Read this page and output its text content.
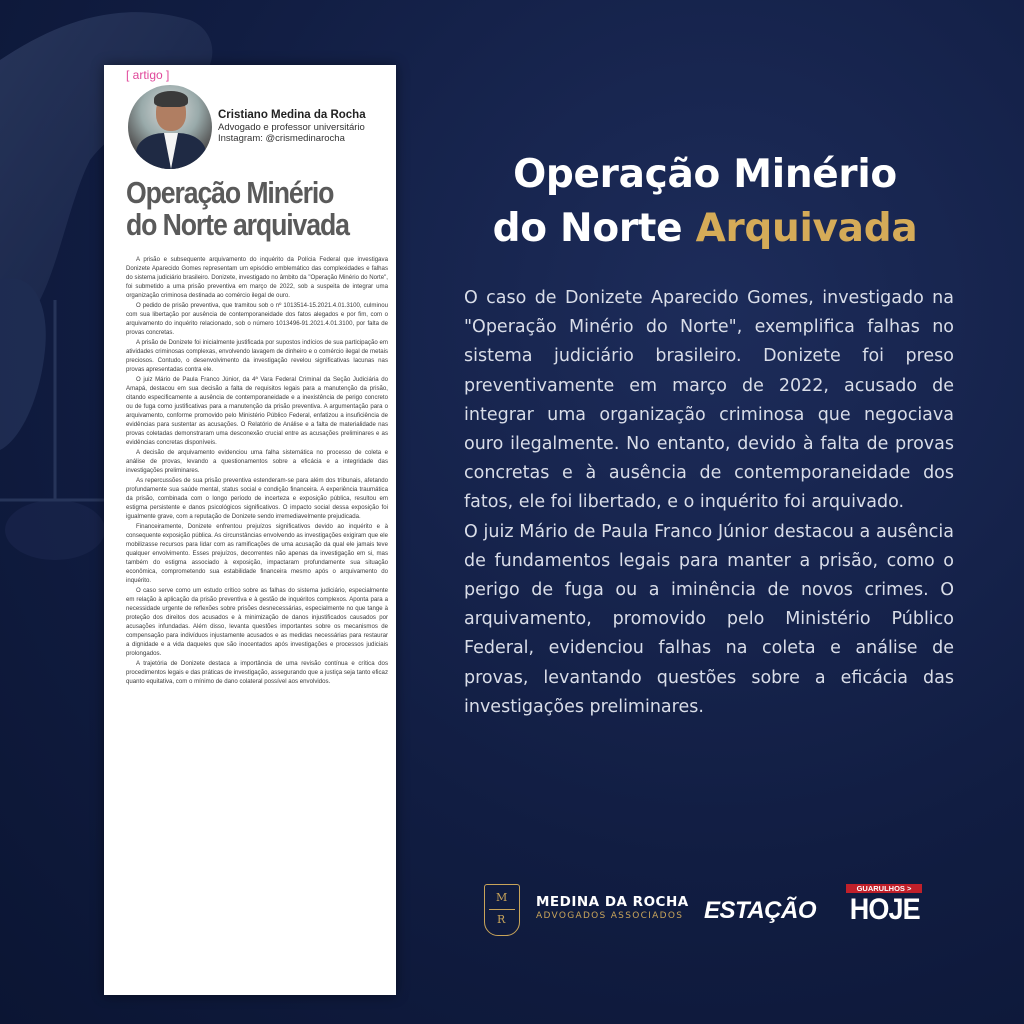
[ artigo ]
Cristiano Medina da Rocha
Advogado e professor universitário
Instagram: @crismedinarocha
Operação Minério
do Norte arquivada

A prisão e subsequente arquivamento do inquérito da Polícia Federal que investigava Donizete Aparecido Gomes representam um episódio emblemático das complexidades e falhas do sistema judiciário brasileiro. Donizete, investigado no âmbito da "Operação Minério do Norte", foi submetido a uma prisão preventiva em março de 2022, sob a suspeita de integrar uma organização criminosa destinada ao comércio ilegal de ouro.

O pedido de prisão preventiva, que tramitou sob o nº 1013514-15.2021.4.01.3100, culminou com sua libertação por ausência de contemporaneidade dos fatos alegados e por fim, com o arquivamento do inquérito relacionado, sob o número 1013496-91.2021.4.01.3100, por falta de provas concretas.

A prisão de Donizete foi inicialmente justificada por supostos indícios de sua participação em atividades criminosas complexas, envolvendo lavagem de dinheiro e o comércio ilegal de metais preciosos. Contudo, o desenvolvimento da investigação revelou significativas lacunas nas provas apresentadas contra ele.

O juiz Mário de Paula Franco Júnior, da 4ª Vara Federal Criminal da Seção Judiciária do Amapá, destacou em sua decisão a falta de requisitos legais para a manutenção da prisão, citando especificamente a ausência de contemporaneidade e a inexistência de perigo concreto ou de fuga como justificativas para a manutenção da prisão preventiva. A argumentação para o arquivamento, conforme promovido pelo Ministério Público Federal, enfatizou a insuficiência de evidências para sustentar as acusações. O Relatório de Análise e a falta de materialidade nas provas coletadas demonstraram uma desconexão crucial entre as acusações preliminares e as evidências concretas disponíveis.

A decisão de arquivamento evidenciou uma falha sistemática no processo de coleta e análise de provas, levando a questionamentos sobre a eficácia e a integridade das investigações preliminares.

As repercussões de sua prisão preventiva estenderam-se para além dos tribunais, afetando profundamente sua saúde mental, status social e condição financeira. A experiência traumática da prisão, combinada com o longo período de incerteza e exposição pública, resultou em estigma persistente e danos psicológicos significativos. O impacto social dessa exposição foi igualmente grave, com a reputação de Donizete sendo irremediavelmente prejudicada.

Financeiramente, Donizete enfrentou prejuízos significativos devido ao inquérito e à consequente exposição pública. As circunstâncias envolvendo as investigações exigiram que ele mobilizasse recursos para lidar com as ramificações de uma acusação da qual ele jamais teve qualquer envolvimento. Esses prejuízos, decorrentes não apenas da investigação em si, mas também do estigma associado à exposição, impactaram profundamente sua situação econômica, comprometendo sua estabilidade financeira mesmo após o arquivamento do inquérito.

O caso serve como um estudo crítico sobre as falhas do sistema judiciário, especialmente em relação à aplicação da prisão preventiva e à gestão de inquéritos complexos. Aponta para a necessidade urgente de reflexões sobre prisões desnecessárias, especialmente no que tange à proteção dos direitos dos acusados e à minimização de danos injustificados causados por acusações infundadas. Além disso, levanta questões importantes sobre os mecanismos de compensação para indivíduos injustamente acusados e as medidas necessárias para restaurar a dignidade e a vida daqueles que são inocentados após investigações e processos judiciais prolongados.

A trajetória de Donizete destaca a importância de uma revisão contínua e crítica dos procedimentos legais e das práticas de investigação, assegurando que a justiça seja tanto eficaz quanto equitativa, com o mínimo de dano colateral possível aos envolvidos.

Operação Minério
do Norte Arquivada

O caso de Donizete Aparecido Gomes, investigado na "Operação Minério do Norte", exemplifica falhas no sistema judiciário brasileiro. Donizete foi preso preventivamente em março de 2022, acusado de integrar uma organização criminosa que negociava ouro ilegalmente. No entanto, devido à falta de provas concretas e à ausência de contemporaneidade dos fatos, ele foi libertado, e o inquérito foi arquivado.

O juiz Mário de Paula Franco Júnior destacou a ausência de fundamentos legais para manter a prisão, como o perigo de fuga ou a iminência de novos crimes. O arquivamento, promovido pelo Ministério Público Federal, evidenciou falhas na coleta e análise de provas, levantando questões sobre a eficácia das investigações preliminares.

M
R
MEDINA DA ROCHA
ADVOGADOS ASSOCIADOS ESTAÇÃO
GUARULHOS >
HOJE
